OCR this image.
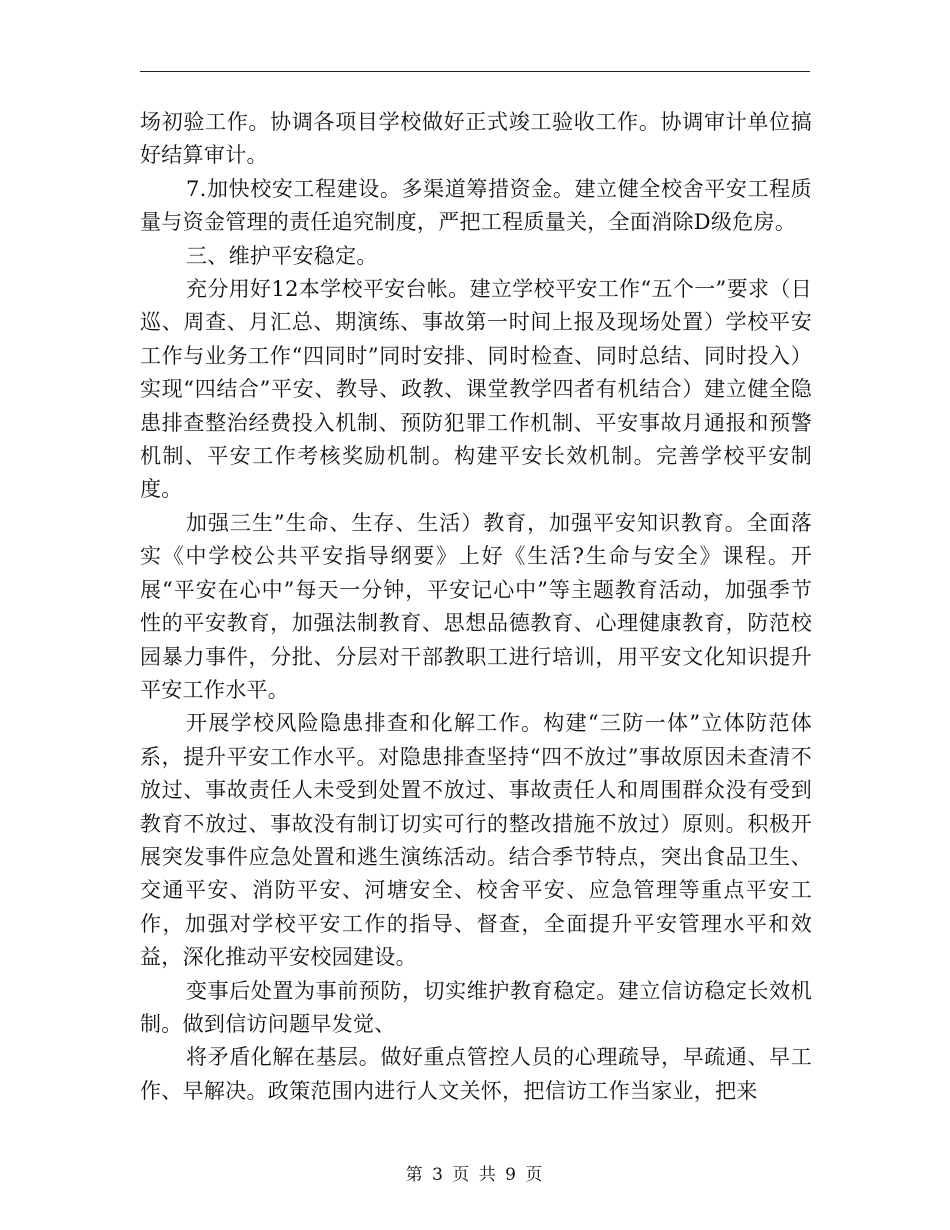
场初验工作。协调各项目学校做好正式竣工验收工作。协调审计单位搞好结算审计。

7.加快校安工程建设。多渠道筹措资金。建立健全校舍平安工程质量与资金管理的责任追究制度，严把工程质量关，全面消除D级危房。

三、维护平安稳定。

充分用好12本学校平安台帐。建立学校平安工作“五个一”要求（日巡、周查、月汇总、期演练、事故第一时间上报及现场处置）学校平安工作与业务工作“四同时”同时安排、同时检查、同时总结、同时投入）实现“四结合”平安、教导、政教、课堂教学四者有机结合）建立健全隐患排查整治经费投入机制、预防犯罪工作机制、平安事故月通报和预警机制、平安工作考核奖励机制。构建平安长效机制。完善学校平安制度。

加强三生”生命、生存、生活）教育，加强平安知识教育。全面落实《中学校公共平安指导纲要》上好《生活?生命与安全》课程。开展“平安在心中”每天一分钟，平安记心中”等主题教育活动，加强季节性的平安教育，加强法制教育、思想品德教育、心理健康教育，防范校园暴力事件，分批、分层对干部教职工进行培训，用平安文化知识提升平安工作水平。

开展学校风险隐患排查和化解工作。构建“三防一体”立体防范体系，提升平安工作水平。对隐患排查坚持“四不放过”事故原因未查清不放过、事故责任人未受到处置不放过、事故责任人和周围群众没有受到教育不放过、事故没有制订切实可行的整改措施不放过）原则。积极开展突发事件应急处置和逃生演练活动。结合季节特点，突出食品卫生、交通平安、消防平安、河塘安全、校舍平安、应急管理等重点平安工作，加强对学校平安工作的指导、督查，全面提升平安管理水平和效益，深化推动平安校园建设。

变事后处置为事前预防，切实维护教育稳定。建立信访稳定长效机制。做到信访问题早发觉、

将矛盾化解在基层。做好重点管控人员的心理疏导，早疏通、早工作、早解决。政策范围内进行人文关怀，把信访工作当家业，把来

第 3 页 共 9 页
